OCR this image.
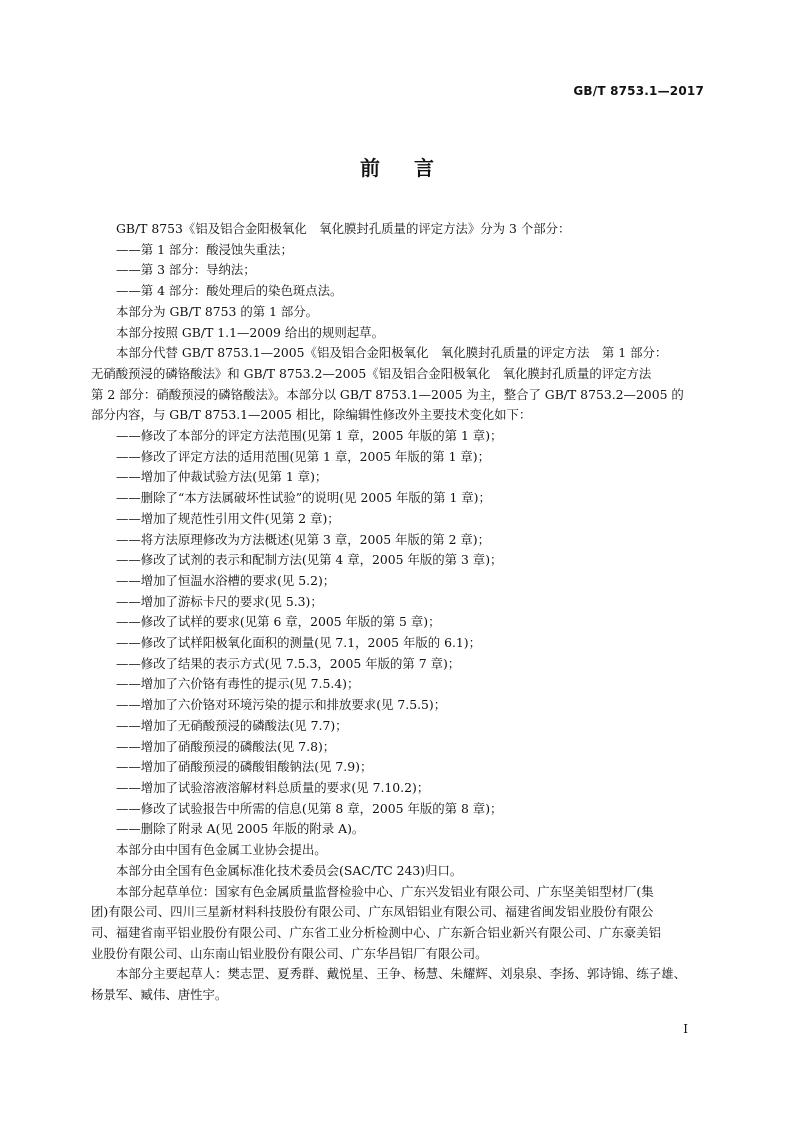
GB/T 8753.1—2017
前言

GB/T 8753《铝及铝合金阳极氧化　氧化膜封孔质量的评定方法》分为 3 个部分：

——第 1 部分：酸浸蚀失重法；
——第 3 部分：导纳法；
——第 4 部分：酸处理后的染色斑点法。

本部分为 GB/T 8753 的第 1 部分。

本部分按照 GB/T 1.1—2009 给出的规则起草。

本部分代替 GB/T 8753.1—2005《铝及铝合金阳极氧化　氧化膜封孔质量的评定方法　第 1 部分：

无硝酸预浸的磷铬酸法》和 GB/T 8753.2—2005《铝及铝合金阳极氧化　氧化膜封孔质量的评定方法

第 2 部分：硝酸预浸的磷铬酸法》。本部分以 GB/T 8753.1—2005 为主，整合了 GB/T 8753.2—2005 的

部分内容，与 GB/T 8753.1—2005 相比，除编辑性修改外主要技术变化如下：

——修改了本部分的评定方法范围(见第 1 章，2005 年版的第 1 章)；
——修改了评定方法的适用范围(见第 1 章，2005 年版的第 1 章)；
——增加了仲裁试验方法(见第 1 章)；
——删除了“本方法属破坏性试验”的说明(见 2005 年版的第 1 章)；
——增加了规范性引用文件(见第 2 章)；
——将方法原理修改为方法概述(见第 3 章，2005 年版的第 2 章)；
——修改了试剂的表示和配制方法(见第 4 章，2005 年版的第 3 章)；
——增加了恒温水浴槽的要求(见 5.2)；
——增加了游标卡尺的要求(见 5.3)；
——修改了试样的要求(见第 6 章，2005 年版的第 5 章)；
——修改了试样阳极氧化面积的测量(见 7.1，2005 年版的 6.1)；
——修改了结果的表示方式(见 7.5.3，2005 年版的第 7 章)；
——增加了六价铬有毒性的提示(见 7.5.4)；
——增加了六价铬对环境污染的提示和排放要求(见 7.5.5)；
——增加了无硝酸预浸的磷酸法(见 7.7)；
——增加了硝酸预浸的磷酸法(见 7.8)；
——增加了硝酸预浸的磷酸钼酸钠法(见 7.9)；
——增加了试验溶液溶解材料总质量的要求(见 7.10.2)；
——修改了试验报告中所需的信息(见第 8 章，2005 年版的第 8 章)；
——删除了附录 A(见 2005 年版的附录 A)。

本部分由中国有色金属工业协会提出。

本部分由全国有色金属标准化技术委员会(SAC/TC 243)归口。

本部分起草单位：国家有色金属质量监督检验中心、广东兴发铝业有限公司、广东坚美铝型材厂(集

团)有限公司、四川三星新材料科技股份有限公司、广东凤铝铝业有限公司、福建省闽发铝业股份有限公

司、福建省南平铝业股份有限公司、广东省工业分析检测中心、广东新合铝业新兴有限公司、广东豪美铝

业股份有限公司、山东南山铝业股份有限公司、广东华昌铝厂有限公司。

本部分主要起草人：樊志罡、夏秀群、戴悦星、王争、杨慧、朱耀辉、刘泉泉、李扬、郭诗锦、练子雄、

杨景军、臧伟、唐性宇。

I
